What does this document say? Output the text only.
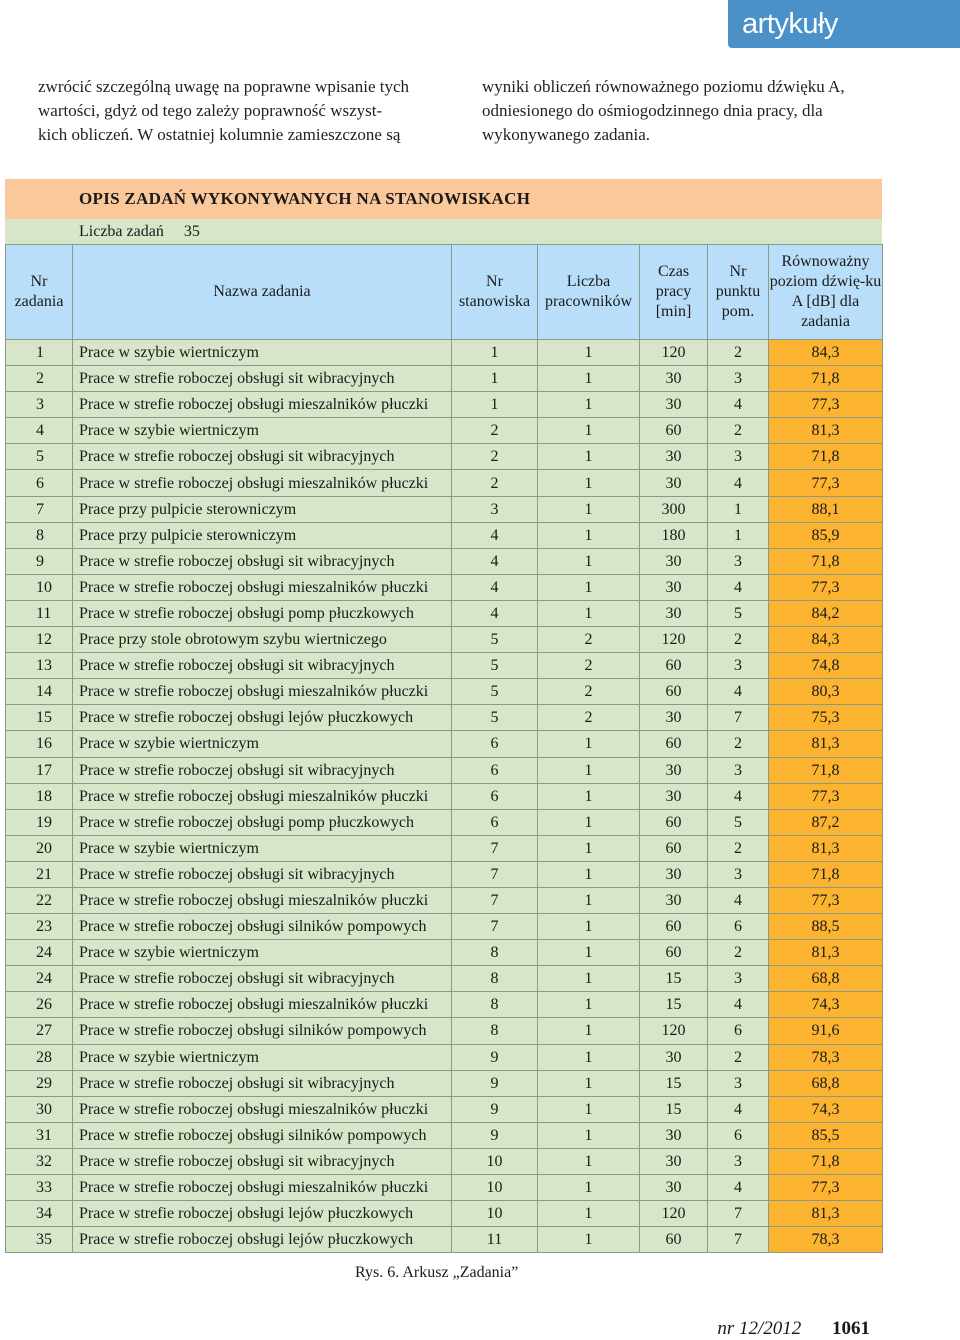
artykuły

zwrócić szczególną uwagę na poprawne wpisanie tych

wartości, gdyż od tego zależy poprawność wszyst-

kich obliczeń. W ostatniej kolumnie zamieszczone są

wyniki obliczeń równoważnego poziomu dźwięku A,

odniesionego do ośmiogodzinnego dnia pracy, dla

wykonywanego zadania.

OPIS ZADAŃ WYKONYWANYCH NA STANOWISKACH
Liczba zadań 35
Nr zadania	Nazwa zadania	Nr stanowiska	Liczba pracowników	Czas pracy [min]	Nr punktu pom.	Równoważny poziom dźwię-ku A [dB] dla zadania
1	Prace w szybie wiertniczym	1	1	120	2	84,3
2	Prace w strefie roboczej obsługi sit wibracyjnych	1	1	30	3	71,8
3	Prace w strefie roboczej obsługi mieszalników płuczki	1	1	30	4	77,3
4	Prace w szybie wiertniczym	2	1	60	2	81,3
5	Prace w strefie roboczej obsługi sit wibracyjnych	2	1	30	3	71,8
6	Prace w strefie roboczej obsługi mieszalników płuczki	2	1	30	4	77,3
7	Prace przy pulpicie sterowniczym	3	1	300	1	88,1
8	Prace przy pulpicie sterowniczym	4	1	180	1	85,9
9	Prace w strefie roboczej obsługi sit wibracyjnych	4	1	30	3	71,8
10	Prace w strefie roboczej obsługi mieszalników płuczki	4	1	30	4	77,3
11	Prace w strefie roboczej obsługi pomp płuczkowych	4	1	30	5	84,2
12	Prace przy stole obrotowym szybu wiertniczego	5	2	120	2	84,3
13	Prace w strefie roboczej obsługi sit wibracyjnych	5	2	60	3	74,8
14	Prace w strefie roboczej obsługi mieszalników płuczki	5	2	60	4	80,3
15	Prace w strefie roboczej obsługi lejów płuczkowych	5	2	30	7	75,3
16	Prace w szybie wiertniczym	6	1	60	2	81,3
17	Prace w strefie roboczej obsługi sit wibracyjnych	6	1	30	3	71,8
18	Prace w strefie roboczej obsługi mieszalników płuczki	6	1	30	4	77,3
19	Prace w strefie roboczej obsługi pomp płuczkowych	6	1	60	5	87,2
20	Prace w szybie wiertniczym	7	1	60	2	81,3
21	Prace w strefie roboczej obsługi sit wibracyjnych	7	1	30	3	71,8
22	Prace w strefie roboczej obsługi mieszalników płuczki	7	1	30	4	77,3
23	Prace w strefie roboczej obsługi silników pompowych	7	1	60	6	88,5
24	Prace w szybie wiertniczym	8	1	60	2	81,3
24	Prace w strefie roboczej obsługi sit wibracyjnych	8	1	15	3	68,8
26	Prace w strefie roboczej obsługi mieszalników płuczki	8	1	15	4	74,3
27	Prace w strefie roboczej obsługi silników pompowych	8	1	120	6	91,6
28	Prace w szybie wiertniczym	9	1	30	2	78,3
29	Prace w strefie roboczej obsługi sit wibracyjnych	9	1	15	3	68,8
30	Prace w strefie roboczej obsługi mieszalników płuczki	9	1	15	4	74,3
31	Prace w strefie roboczej obsługi silników pompowych	9	1	30	6	85,5
32	Prace w strefie roboczej obsługi sit wibracyjnych	10	1	30	3	71,8
33	Prace w strefie roboczej obsługi mieszalników płuczki	10	1	30	4	77,3
34	Prace w strefie roboczej obsługi lejów płuczkowych	10	1	120	7	81,3
35	Prace w strefie roboczej obsługi lejów płuczkowych	11	1	60	7	78,3
Rys. 6. Arkusz „Zadania”
nr 12/2012 1061
